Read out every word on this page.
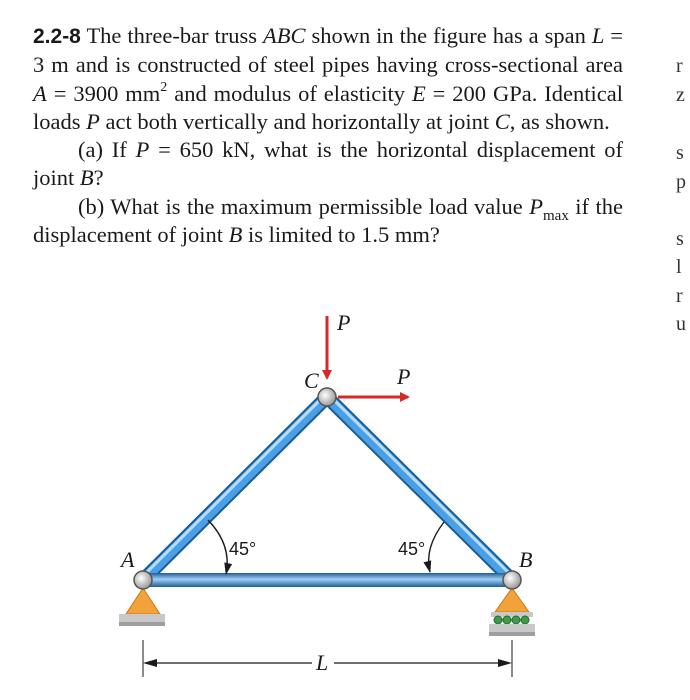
2.2-8 The three-bar truss ABC shown in the figure has a span L = 3 m and is constructed of steel pipes having cross-sectional area A = 3900 $mm^2$ and modulus of elasticity E = 200 GPa. Identical loads P act both vertically and horizontally at joint C, as shown.

(a) If P = 650 kN, what is the horizontal displacement of joint B?

(b) What is the maximum permissible load value $P_{max}$ if the displacement of joint B is limited to 1.5 mm?

r
z
s
p
s
l
r
u
45°	45°
P
P
C
A	B
L
